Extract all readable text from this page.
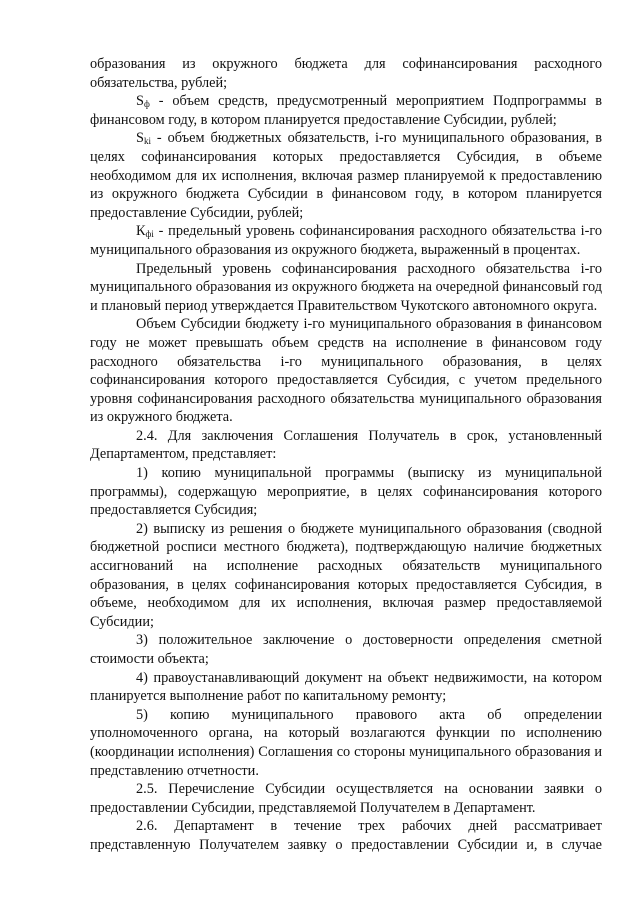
образования из окружного бюджета для софинансирования расходного обязательства, рублей;

$S_ф$ - объем средств, предусмотренный мероприятием Подпрограммы в финансовом году, в котором планируется предоставление Субсидии, рублей;

$S_{ki}$ - объем бюджетных обязательств, i-го муниципального образования, в целях софинансирования которых предоставляется Субсидия, в объеме необходимом для их исполнения, включая размер планируемой к предоставлению из окружного бюджета Субсидии в финансовом году, в котором планируется предоставление Субсидии, рублей;

$К_{фi}$ - предельный уровень софинансирования расходного обязательства i-го муниципального образования из окружного бюджета, выраженный в процентах.

Предельный уровень софинансирования расходного обязательства i-го муниципального образования из окружного бюджета на очередной финансовый год и плановый период утверждается Правительством Чукотского автономного округа.

Объем Субсидии бюджету i-го муниципального образования в финансовом году не может превышать объем средств на исполнение в финансовом году расходного обязательства i-го муниципального образования, в целях софинансирования которого предоставляется Субсидия, с учетом предельного уровня софинансирования расходного обязательства муниципального образования из окружного бюджета.

2.4. Для заключения Соглашения Получатель в срок, установленный Департаментом, представляет:

1) копию муниципальной программы (выписку из муниципальной программы), содержащую мероприятие, в целях софинансирования которого предоставляется Субсидия;

2) выписку из решения о бюджете муниципального образования (сводной бюджетной росписи местного бюджета), подтверждающую наличие бюджетных ассигнований на исполнение расходных обязательств муниципального образования, в целях софинансирования которых предоставляется Субсидия, в объеме, необходимом для их исполнения, включая размер предоставляемой Субсидии;

3) положительное заключение о достоверности определения сметной стоимости объекта;

4) правоустанавливающий документ на объект недвижимости, на котором планируется выполнение работ по капитальному ремонту;

5) копию муниципального правового акта об определении уполномоченного органа, на который возлагаются функции по исполнению (координации исполнения) Соглашения со стороны муниципального образования и представлению отчетности.

2.5. Перечисление Субсидии осуществляется на основании заявки о предоставлении Субсидии, представляемой Получателем в Департамент.

2.6. Департамент в течение трех рабочих дней рассматривает представленную Получателем заявку о предоставлении Субсидии и, в случае
